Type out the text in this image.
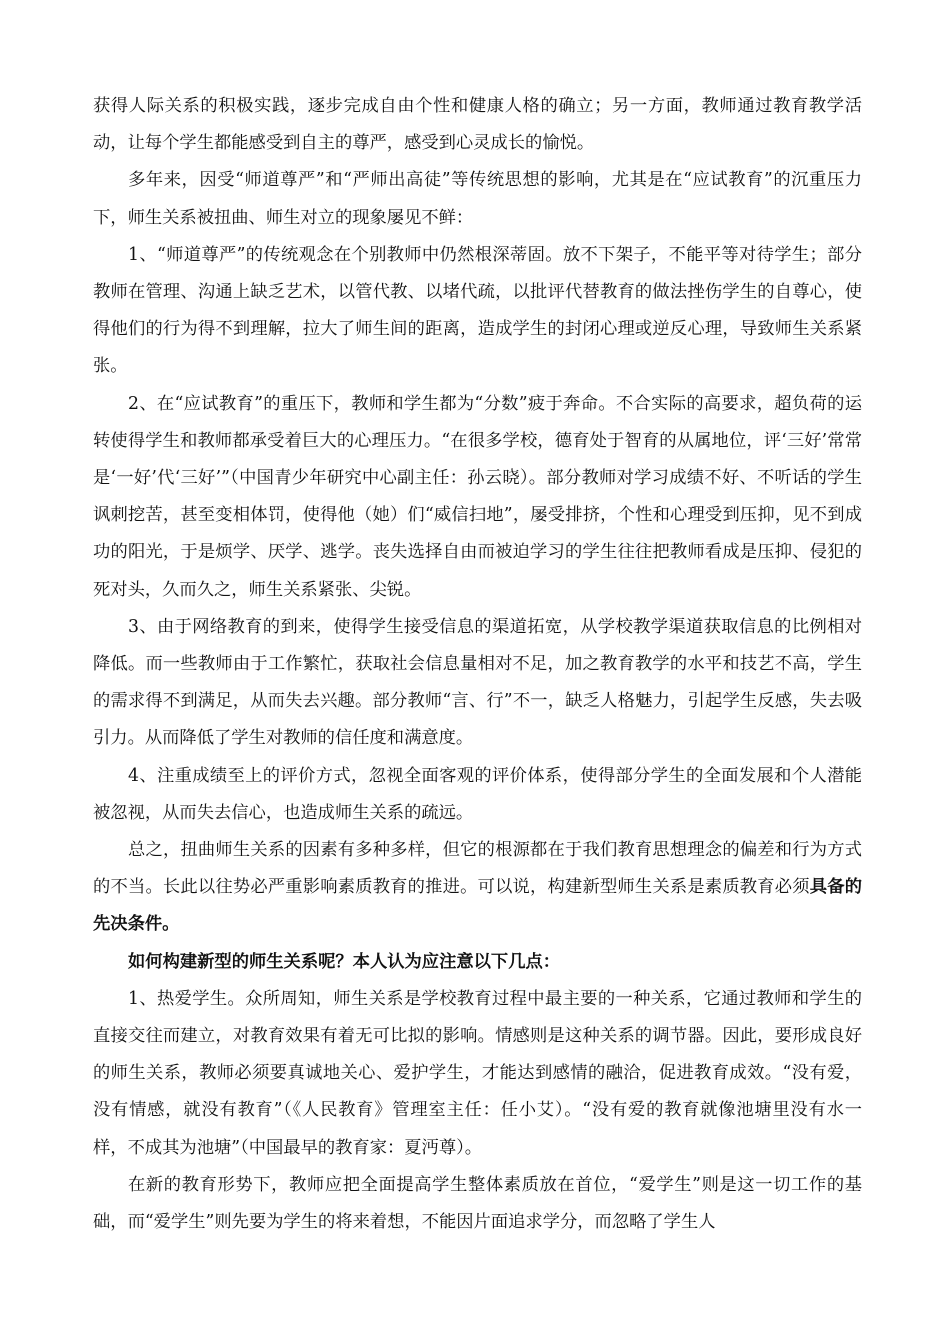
获得人际关系的积极实践，逐步完成自由个性和健康人格的确立；另一方面，教师通过教育教学活动，让每个学生都能感受到自主的尊严，感受到心灵成长的愉悦。

多年来，因受“师道尊严”和“严师出高徒”等传统思想的影响，尤其是在“应试教育”的沉重压力下，师生关系被扭曲、师生对立的现象屡见不鲜：

1、“师道尊严”的传统观念在个别教师中仍然根深蒂固。放不下架子，不能平等对待学生；部分教师在管理、沟通上缺乏艺术，以管代教、以堵代疏，以批评代替教育的做法挫伤学生的自尊心，使得他们的行为得不到理解，拉大了师生间的距离，造成学生的封闭心理或逆反心理，导致师生关系紧张。

2、在“应试教育”的重压下，教师和学生都为“分数”疲于奔命。不合实际的高要求，超负荷的运转使得学生和教师都承受着巨大的心理压力。“在很多学校，德育处于智育的从属地位，评‘三好’常常是‘一好’代‘三好’”（中国青少年研究中心副主任：孙云晓）。部分教师对学习成绩不好、不听话的学生讽刺挖苦，甚至变相体罚，使得他（她）们“威信扫地”，屡受排挤，个性和心理受到压抑，见不到成功的阳光，于是烦学、厌学、逃学。丧失选择自由而被迫学习的学生往往把教师看成是压抑、侵犯的死对头，久而久之，师生关系紧张、尖锐。

3、由于网络教育的到来，使得学生接受信息的渠道拓宽，从学校教学渠道获取信息的比例相对降低。而一些教师由于工作繁忙，获取社会信息量相对不足，加之教育教学的水平和技艺不高，学生的需求得不到满足，从而失去兴趣。部分教师“言、行”不一，缺乏人格魅力，引起学生反感，失去吸引力。从而降低了学生对教师的信任度和满意度。

4、注重成绩至上的评价方式，忽视全面客观的评价体系，使得部分学生的全面发展和个人潜能被忽视，从而失去信心，也造成师生关系的疏远。

总之，扭曲师生关系的因素有多种多样，但它的根源都在于我们教育思想理念的偏差和行为方式的不当。长此以往势必严重影响素质教育的推进。可以说，构建新型师生关系是素质教育必须具备的先决条件。

如何构建新型的师生关系呢？本人认为应注意以下几点：

1、热爱学生。众所周知，师生关系是学校教育过程中最主要的一种关系，它通过教师和学生的直接交往而建立，对教育效果有着无可比拟的影响。情感则是这种关系的调节器。因此，要形成良好的师生关系，教师必须要真诚地关心、爱护学生，才能达到感情的融洽，促进教育成效。“没有爱，没有情感，就没有教育”（《人民教育》管理室主任：任小艾）。“没有爱的教育就像池塘里没有水一样，不成其为池塘”（中国最早的教育家：夏沔尊）。

在新的教育形势下，教师应把全面提高学生整体素质放在首位，“爱学生”则是这一切工作的基础，而“爱学生”则先要为学生的将来着想，不能因片面追求学分，而忽略了学生人
